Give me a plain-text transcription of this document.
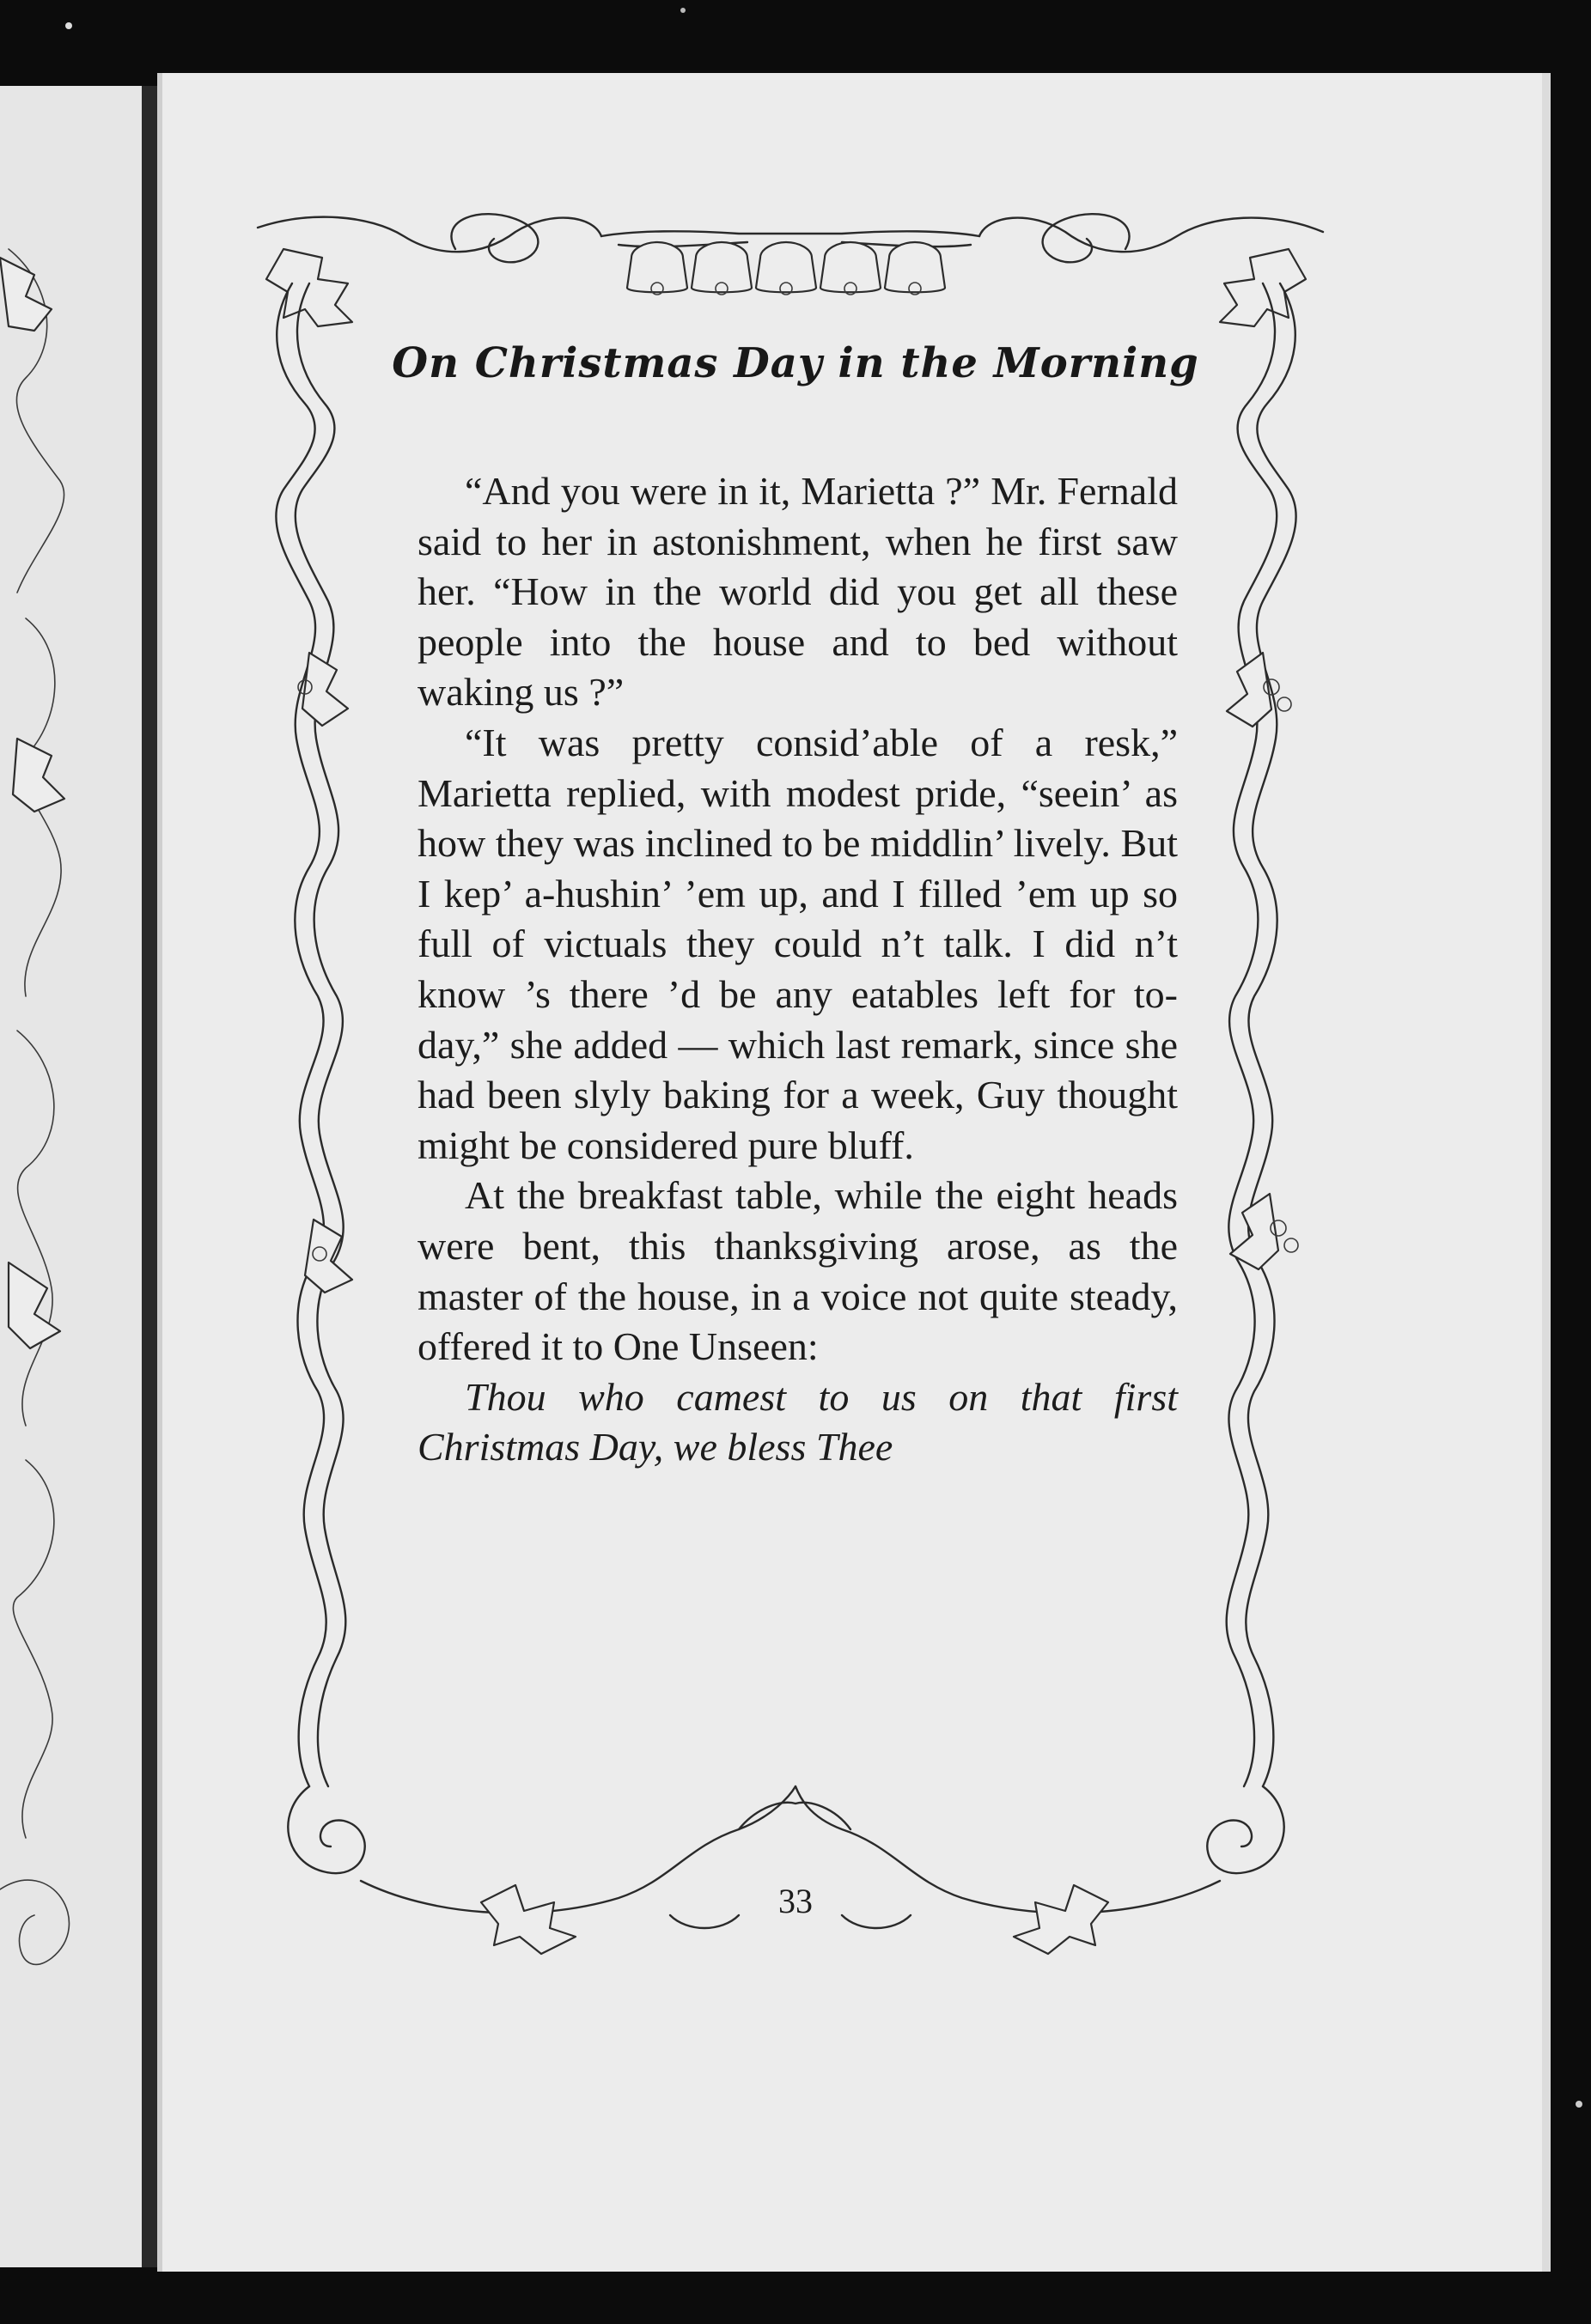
On Christmas Day in the Morning

“And you were in it, Marietta ?” Mr. Fernald said to her in astonishment, when he first saw her. “How in the world did you get all these people into the house and to bed without waking us ?”

“It was pretty consid’able of a resk,” Marietta replied, with modest pride, “seein’ as how they was inclined to be middlin’ lively. But I kep’ a-hushin’ ’em up, and I filled ’em up so full of victuals they could n’t talk. I did n’t know ’s there ’d be any eatables left for to-day,” she added — which last remark, since she had been slyly baking for a week, Guy thought might be considered pure bluff.

At the breakfast table, while the eight heads were bent, this thanksgiving arose, as the master of the house, in a voice not quite steady, offered it to One Unseen:

Thou who camest to us on that first Christmas Day, we bless Thee

33
